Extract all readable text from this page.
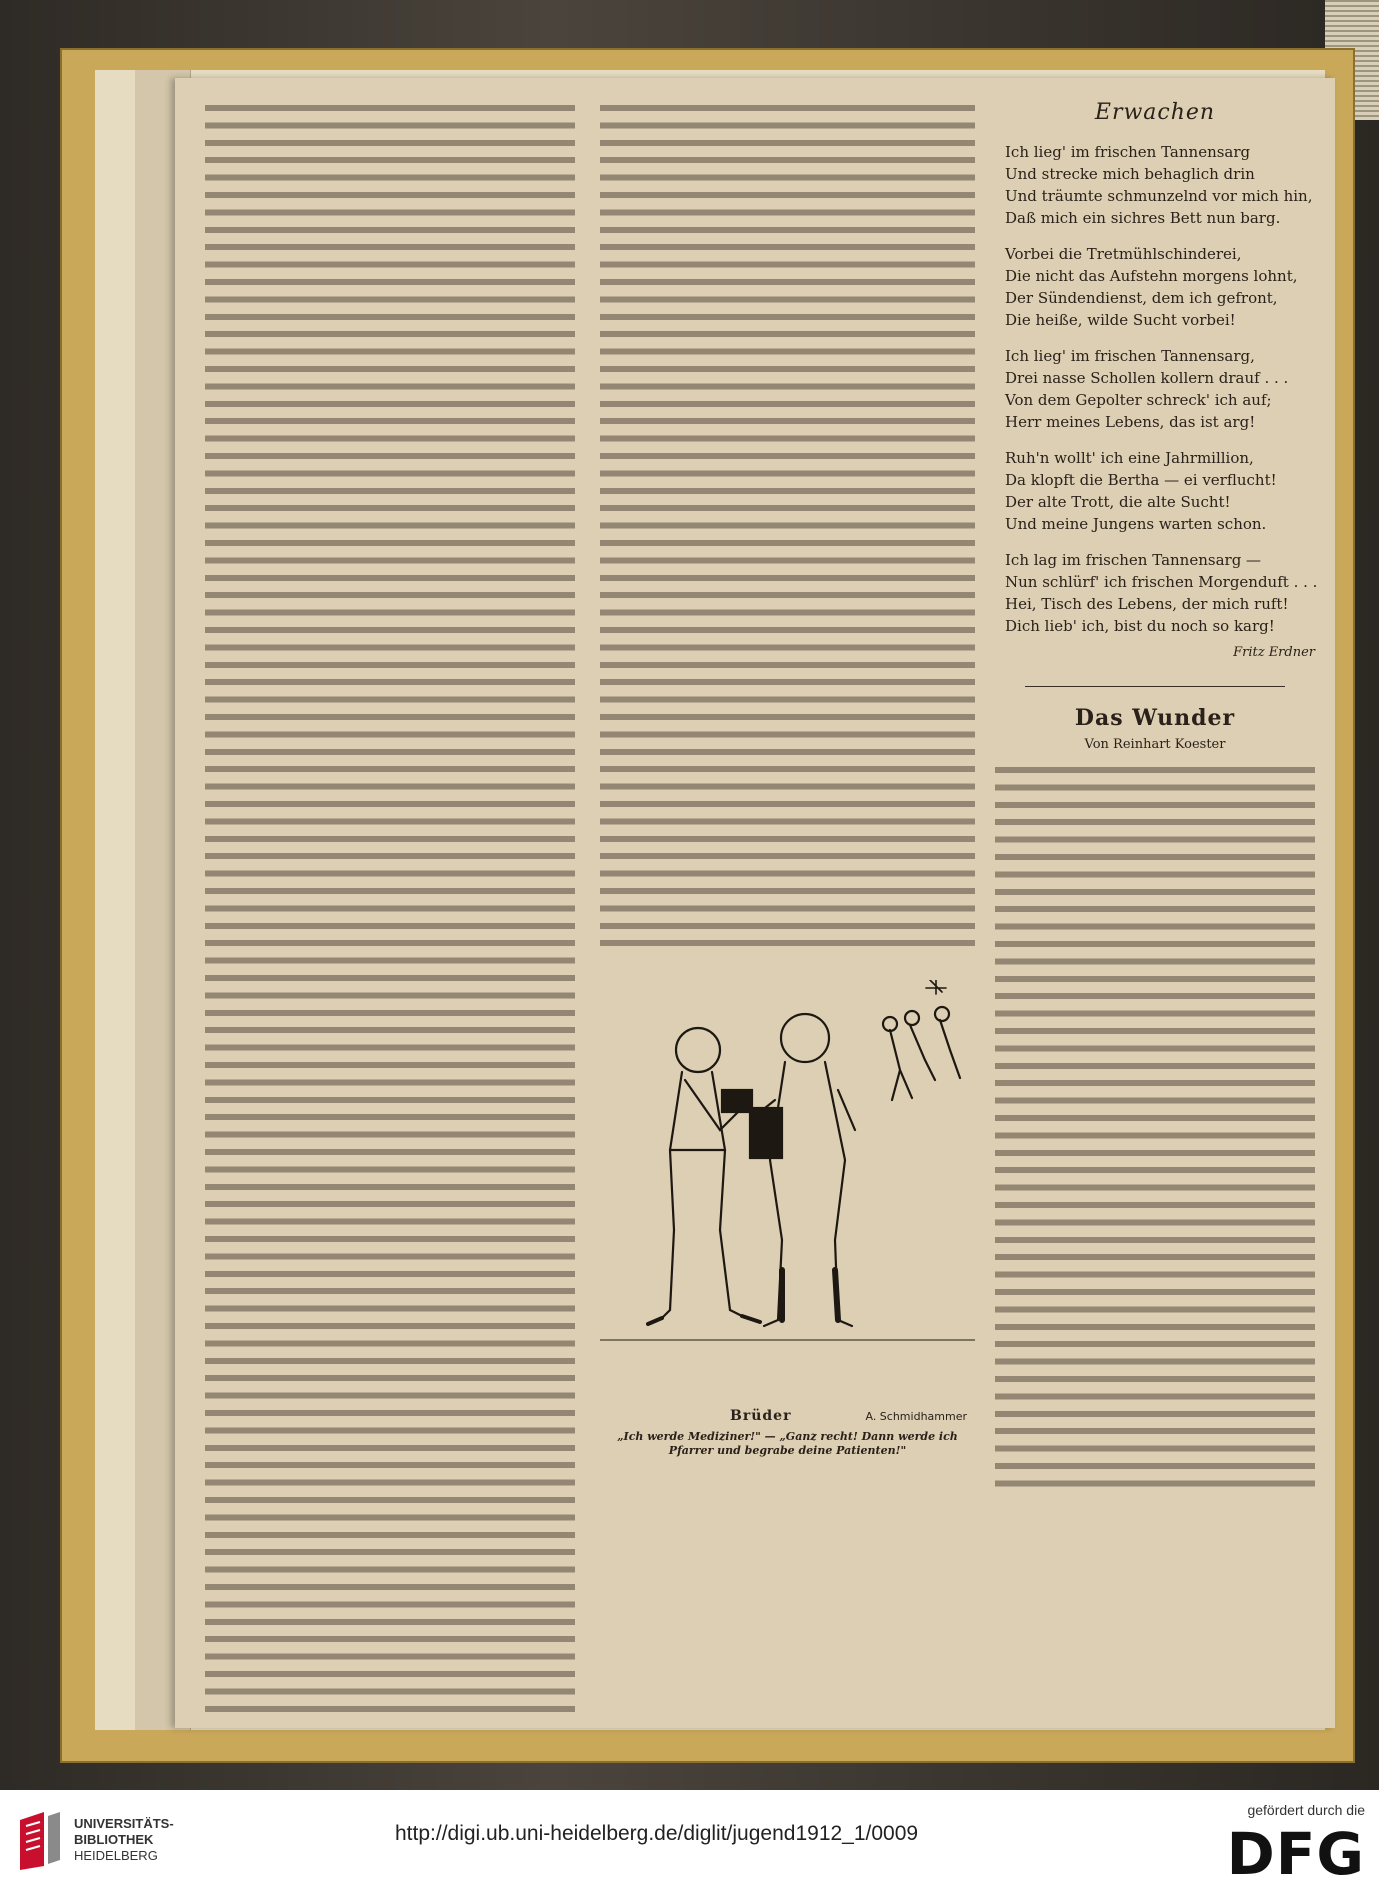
Brüder	A. Schmidhammer
„Ich werde Mediziner!" — „Ganz recht! Dann werde ich Pfarrer und begrabe deine Patienten!"
Erwachen
Ich lieg' im frischen Tannensarg
Und strecke mich behaglich drin
Und träumte schmunzelnd vor mich hin,
Daß mich ein sichres Bett nun barg.
Vorbei die Tretmühlschinderei,
Die nicht das Aufstehn morgens lohnt,
Der Sündendienst, dem ich gefront,
Die heiße, wilde Sucht vorbei!
Ich lieg' im frischen Tannensarg,
Drei nasse Schollen kollern drauf . . .
Von dem Gepolter schreck' ich auf;
Herr meines Lebens, das ist arg!
Ruh'n wollt' ich eine Jahrmillion,
Da klopft die Bertha — ei verflucht!
Der alte Trott, die alte Sucht!
Und meine Jungens warten schon.
Ich lag im frischen Tannensarg —
Nun schlürf' ich frischen Morgenduft . . .
Hei, Tisch des Lebens, der mich ruft!
Dich lieb' ich, bist du noch so karg!
Fritz Erdner
Das Wunder
Von Reinhart Koester
UNIVERSITÄTS-
BIBLIOTHEK
HEIDELBERG
http://digi.ub.uni-heidelberg.de/diglit/jugend1912_1/0009
gefördert durch die
DFG
